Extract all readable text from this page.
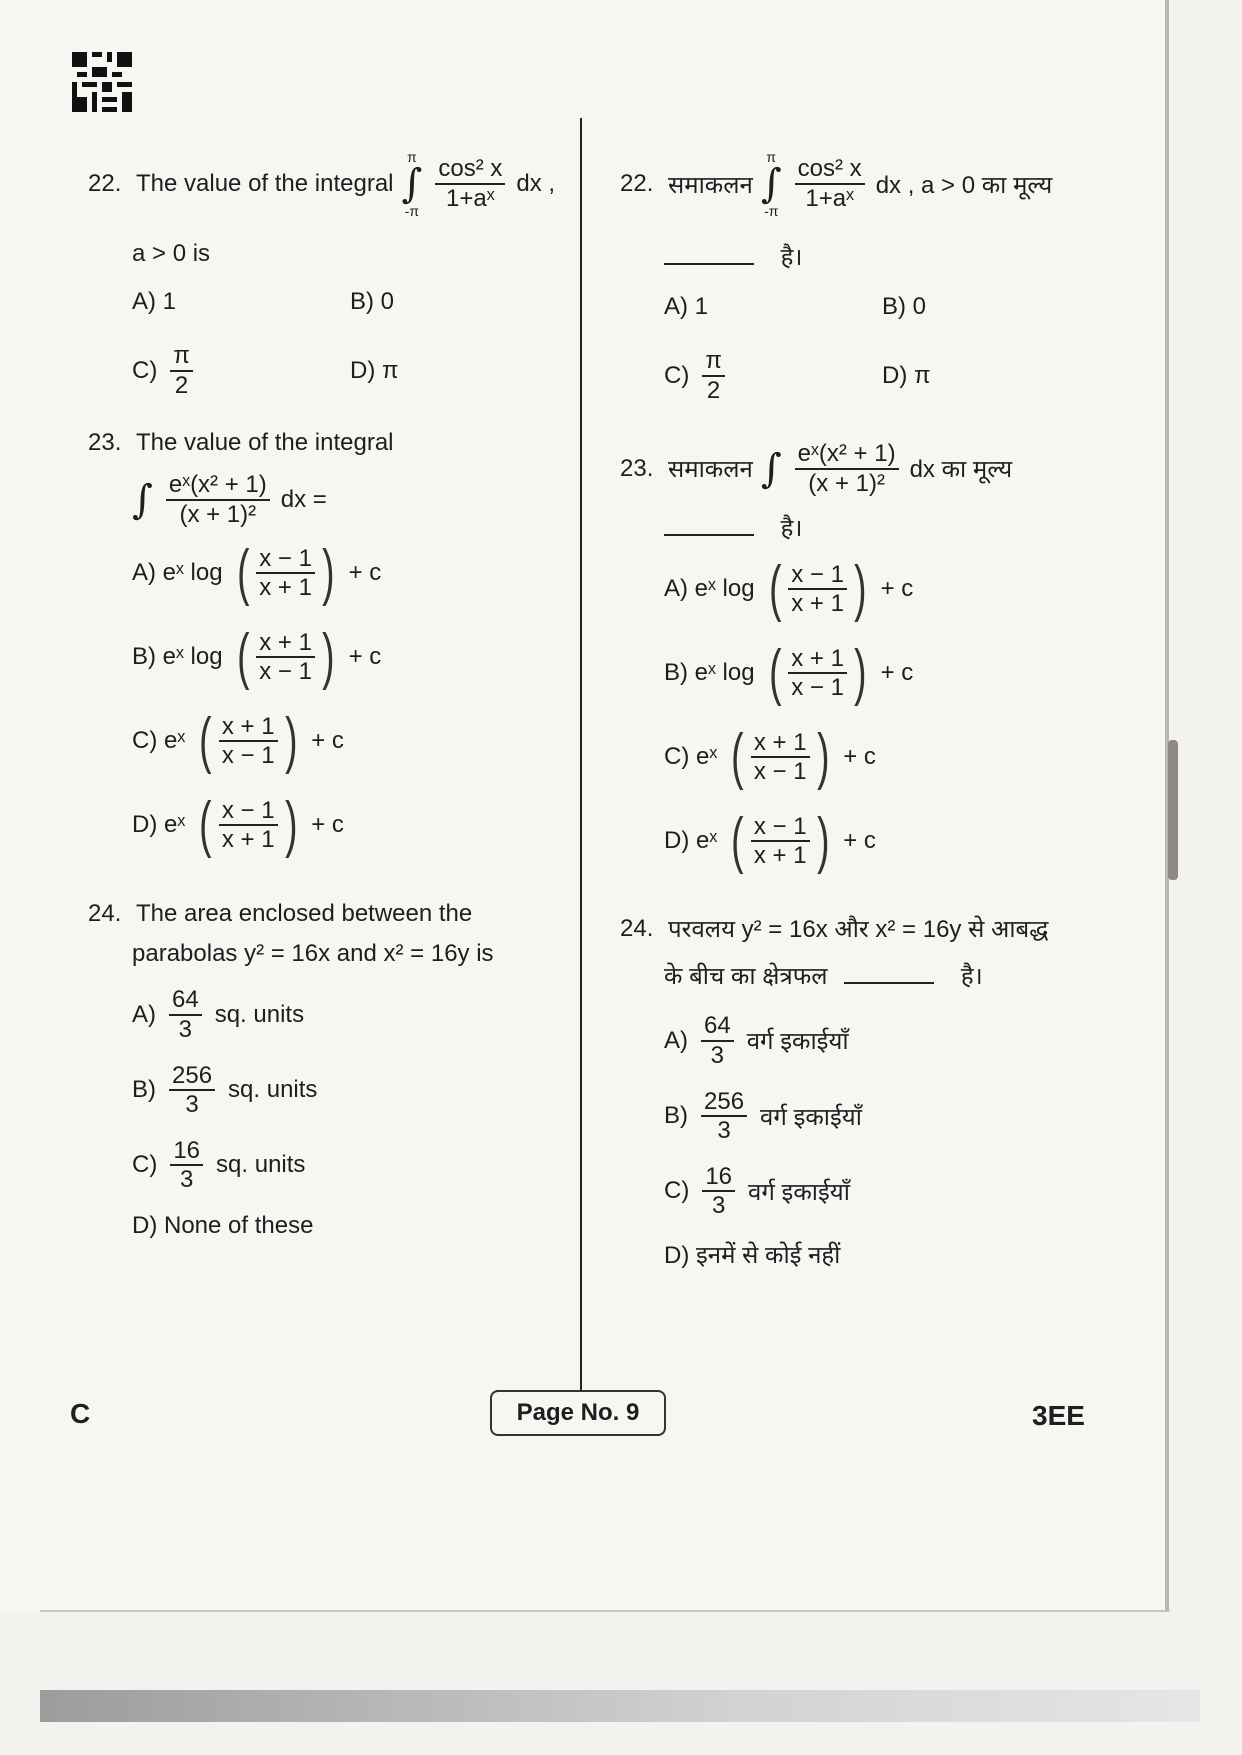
22. The value of the integral
π
∫
$-\pi \frac{\text{cos² x}}{\text{1+aˣ}}$ dx ,
a > 0 is
A) 1	B) 0
$C) \frac{\pi}{2}$	D) π
23. The value of the integral
∫ $\frac{\text{eˣ(x² + 1)}}{\text{(x + 1)²}}$ dx =
A) eˣ log ( $\frac{x - 1}{x + 1}$ ) + c
B) eˣ log ( $\frac{x + 1}{x - 1}$ ) + c
C) eˣ ( $\frac{x + 1}{x - 1}$ ) + c
D) eˣ ( $\frac{x - 1}{x + 1}$ ) + c
24. The area enclosed between the
parabolas y² = 16x and x² = 16y is
$A) \frac{64}{3}$ sq. units
$B) \frac{256}{3}$ sq. units
$C) \frac{16}{3}$ sq. units
D) None of these
22. समाकलन
π
∫
$-\pi \frac{\text{cos² x}}{\text{1+aˣ}}$ dx , a > 0 का मूल्य
है।
A) 1	B) 0
$C) \frac{\pi}{2}$	D) π
23. समाकलन ∫ $\frac{\text{eˣ(x² + 1)}}{\text{(x + 1)²}}$ dx का मूल्य
है।
A) eˣ log ( $\frac{x - 1}{x + 1}$ ) + c
B) eˣ log ( $\frac{x + 1}{x - 1}$ ) + c
C) eˣ ( $\frac{x + 1}{x - 1}$ ) + c
D) eˣ ( $\frac{x - 1}{x + 1}$ ) + c
24. परवलय y² = 16x और x² = 16y से आबद्ध
के बीच का क्षेत्रफल	है।
$A) \frac{64}{3}$ वर्ग इकाईयाँ
$B) \frac{256}{3}$ वर्ग इकाईयाँ
$C) \frac{16}{3}$ वर्ग इकाईयाँ
D) इनमें से कोई नहीं
C	Page No. 9	3EE
